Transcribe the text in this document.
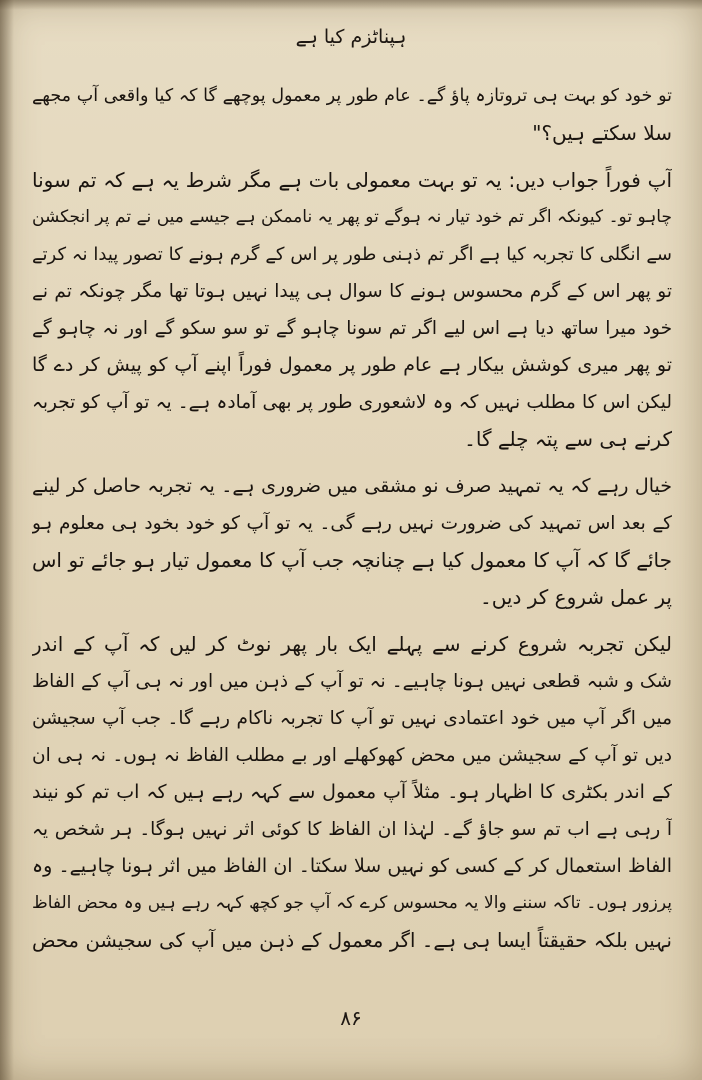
ہپناٹزم کیا ہے
تو خود کو بہت ہی تروتازہ پاؤ گے۔ عام طور پر معمول پوچھے گا کہ کیا واقعی آپ مجھے
سلا سکتے ہیں؟"
آپ فوراً جواب دیں: یہ تو بہت معمولی بات ہے مگر شرط یہ ہے کہ تم سونا
چاہو تو۔ کیونکہ اگر تم خود تیار نہ ہوگے تو پھر یہ ناممکن ہے جیسے میں نے تم پر انجکشن
سے انگلی کا تجربہ کیا ہے اگر تم ذہنی طور پر اس کے گرم ہونے کا تصور پیدا نہ کرتے
تو پھر اس کے گرم محسوس ہونے کا سوال ہی پیدا نہیں ہوتا تھا مگر چونکہ تم نے
خود میرا ساتھ دیا ہے اس لیے اگر تم سونا چاہو گے تو سو سکو گے اور نہ چاہو گے
تو پھر میری کوشش بیکار ہے عام طور پر معمول فوراً اپنے آپ کو پیش کر دے گا
لیکن اس کا مطلب نہیں کہ وہ لاشعوری طور پر بھی آمادہ ہے۔ یہ تو آپ کو تجربہ
کرنے ہی سے پتہ چلے گا۔
خیال رہے کہ یہ تمہید صرف نو مشقی میں ضروری ہے۔ یہ تجربہ حاصل کر لینے
کے بعد اس تمہید کی ضرورت نہیں رہے گی۔ یہ تو آپ کو خود بخود ہی معلوم ہو
جائے گا کہ آپ کا معمول کیا ہے چنانچہ جب آپ کا معمول تیار ہو جائے تو اس
پر عمل شروع کر دیں۔
لیکن تجربہ شروع کرنے سے پہلے ایک بار پھر نوٹ کر لیں کہ آپ کے اندر
شک و شبہ قطعی نہیں ہونا چاہیے۔ نہ تو آپ کے ذہن میں اور نہ ہی آپ کے الفاظ
میں اگر آپ میں خود اعتمادی نہیں تو آپ کا تجربہ ناکام رہے گا۔ جب آپ سجیشن
دیں تو آپ کے سجیشن میں محض کھوکھلے اور بے مطلب الفاظ نہ ہوں۔ نہ ہی ان
کے اندر بکٹری کا اظہار ہو۔ مثلاً آپ معمول سے کہہ رہے ہیں کہ اب تم کو نیند
آ رہی ہے اب تم سو جاؤ گے۔ لہٰذا ان الفاظ کا کوئی اثر نہیں ہوگا۔ ہر شخص یہ
الفاظ استعمال کر کے کسی کو نہیں سلا سکتا۔ ان الفاظ میں اثر ہونا چاہیے۔ وہ
پرزور ہوں۔ تاکہ سننے والا یہ محسوس کرے کہ آپ جو کچھ کہہ رہے ہیں وہ محض الفاظ
نہیں بلکہ حقیقتاً ایسا ہی ہے۔ اگر معمول کے ذہن میں آپ کی سجیشن محض
۸۶
